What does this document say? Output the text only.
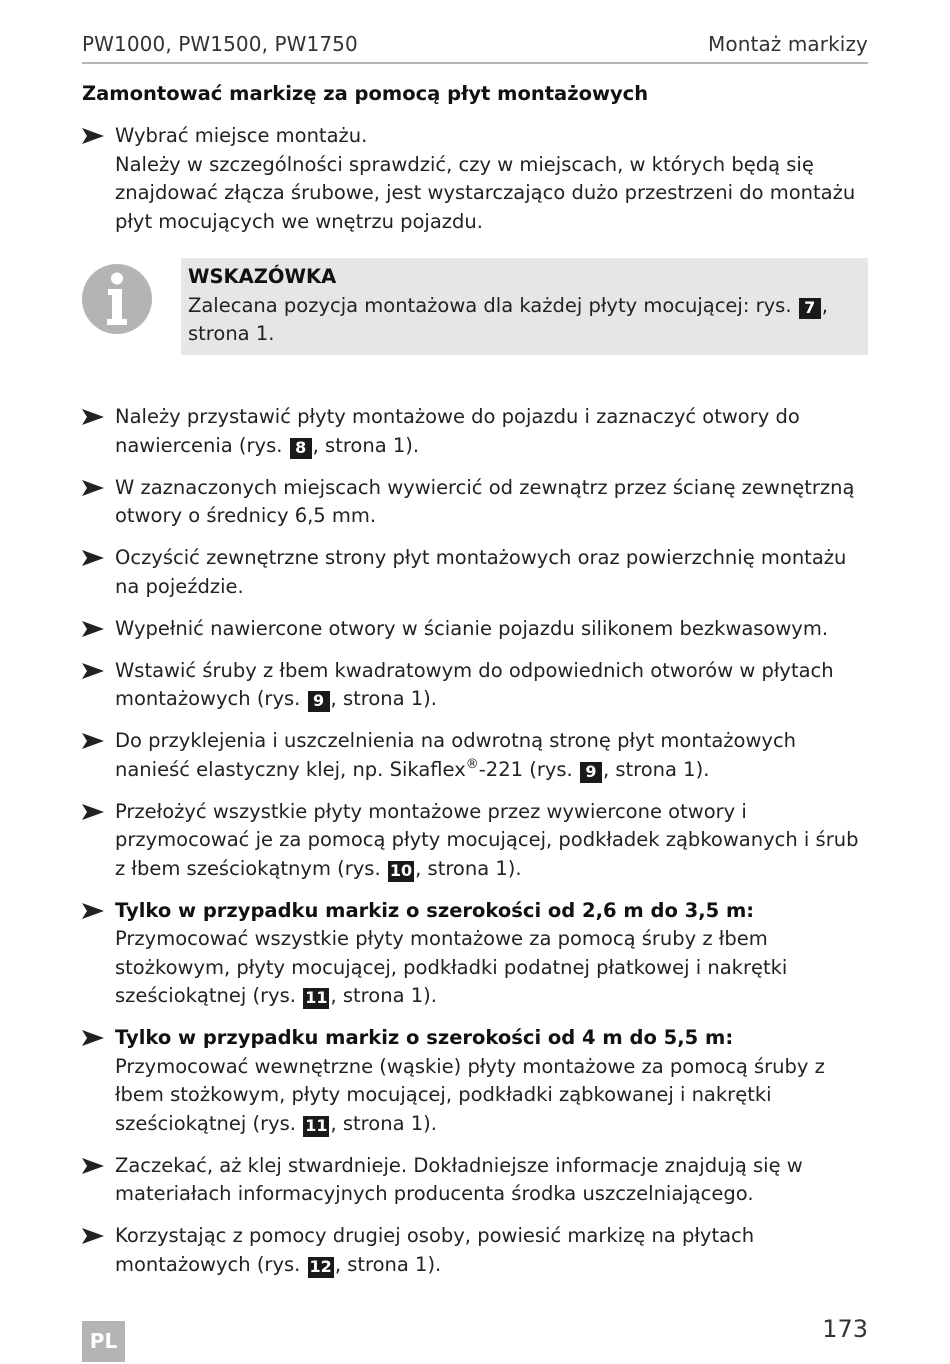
PW1000, PW1500, PW1750	Montaż markizy
Zamontować markizę za pomocą płyt montażowych
Wybrać miejsce montażu.
Należy w szczególności sprawdzić, czy w miejscach, w których będą się znajdować złącza śrubowe, jest wystarczająco dużo przestrzeni do montażu płyt mocujących we wnętrzu pojazdu.
WSKAZÓWKA
Zalecana pozycja montażowa dla każdej płyty mocującej: rys. 7 , strona 1.
Należy przystawić płyty montażowe do pojazdu i zaznaczyć otwory do nawiercenia (rys. 8 , strona 1).
W zaznaczonych miejscach wywiercić od zewnątrz przez ścianę zewnętrzną otwory o średnicy 6,5 mm.
Oczyścić zewnętrzne strony płyt montażowych oraz powierzchnię montażu na pojeździe.
Wypełnić nawiercone otwory w ścianie pojazdu silikonem bezkwasowym.
Wstawić śruby z łbem kwadratowym do odpowiednich otworów w płytach montażowych (rys. 9 , strona 1).
Do przyklejenia i uszczelnienia na odwrotną stronę płyt montażowych nanieść elastyczny klej, np. Sikaflex®-221 (rys. 9 , strona 1).
Przełożyć wszystkie płyty montażowe przez wywiercone otwory i przymocować je za pomocą płyty mocującej, podkładek ząbkowanych i śrub z łbem sześciokątnym (rys. 10 , strona 1).
Tylko w przypadku markiz o szerokości od 2,6 m do 3,5 m:
Przymocować wszystkie płyty montażowe za pomocą śruby z łbem stożkowym, płyty mocującej, podkładki podatnej płatkowej i nakrętki sześciokątnej (rys. 11 , strona 1).
Tylko w przypadku markiz o szerokości od 4 m do 5,5 m:
Przymocować wewnętrzne (wąskie) płyty montażowe za pomocą śruby z łbem stożkowym, płyty mocującej, podkładki ząbkowanej i nakrętki sześciokątnej (rys. 11 , strona 1).
Zaczekać, aż klej stwardnieje. Dokładniejsze informacje znajdują się w materiałach informacyjnych producenta środka uszczelniającego.
Korzystając z pomocy drugiej osoby, powiesić markizę na płytach montażowych (rys. 12 , strona 1).
PL	173
